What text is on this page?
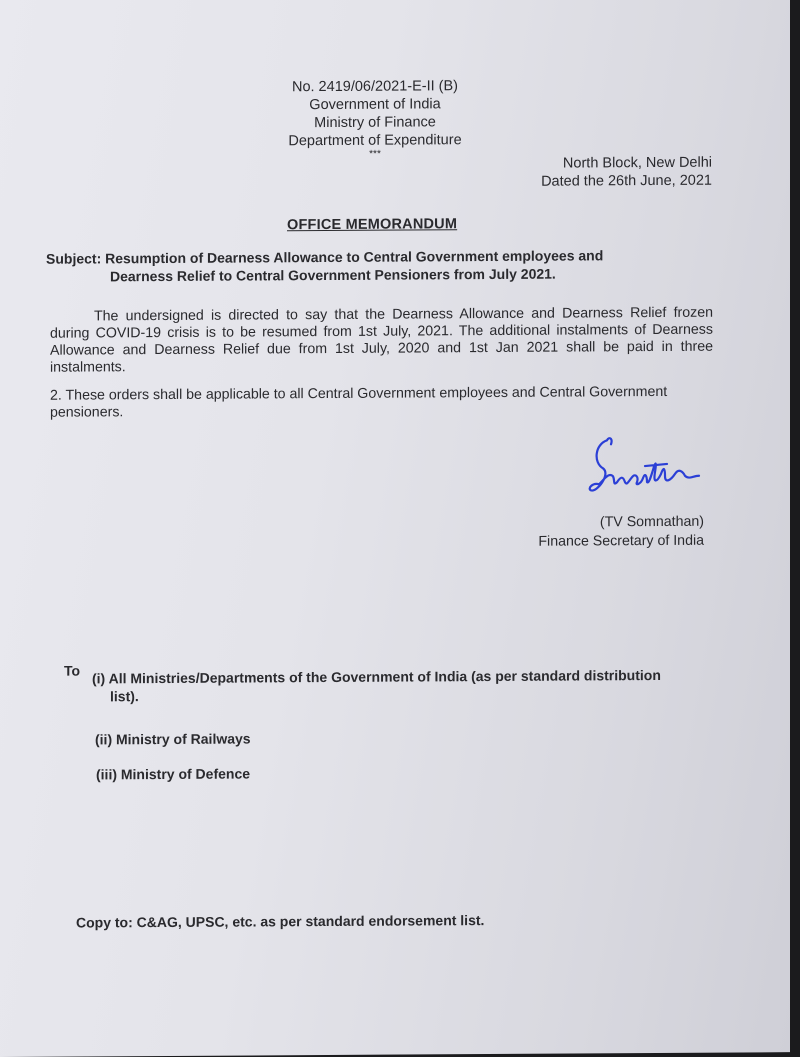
No. 2419/06/2021-E-II (B)
Government of India
Ministry of Finance
Department of Expenditure
***
North Block, New Delhi
Dated the 26th June, 2021
OFFICE MEMORANDUM
Subject: Resumption of Dearness Allowance to Central Government employees and
Dearness Relief to Central Government Pensioners from July 2021.
The undersigned is directed to say that the Dearness Allowance and Dearness Relief frozen during COVID-19 crisis is to be resumed from 1st July, 2021. The additional instalments of Dearness Allowance and Dearness Relief due from 1st July, 2020 and 1st Jan 2021 shall be paid in three instalments.
2. These orders shall be applicable to all Central Government employees and Central Government pensioners.
(TV Somnathan)
Finance Secretary of India
To (i) All Ministries/Departments of the Government of India (as per standard distribution
list).
(ii) Ministry of Railways
(iii) Ministry of Defence
Copy to: C&AG, UPSC, etc. as per standard endorsement list.
